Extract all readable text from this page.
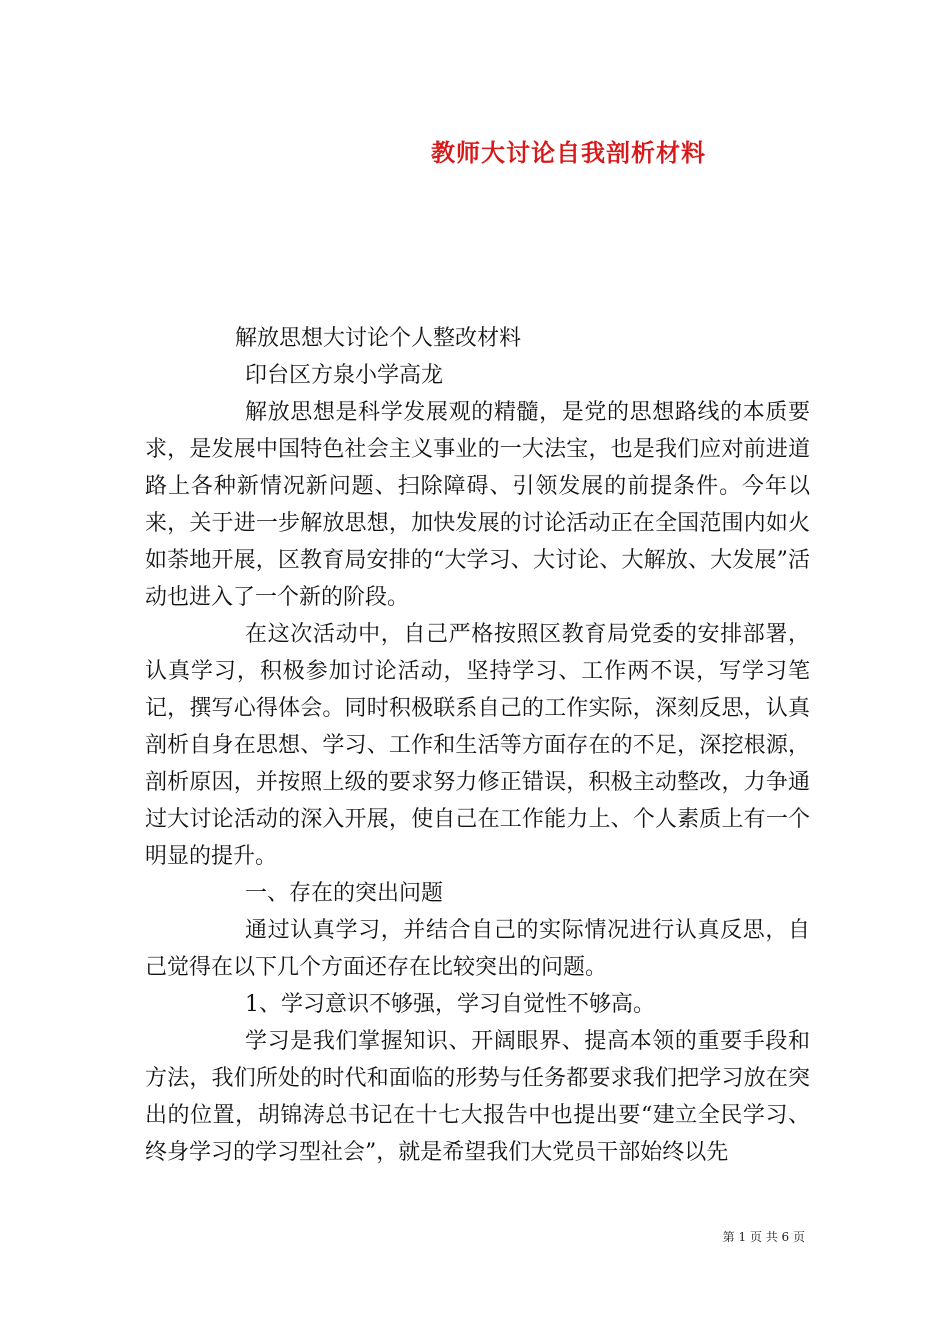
教师大讨论自我剖析材料

解放思想大讨论个人整改材料

印台区方泉小学高龙

解放思想是科学发展观的精髓，是党的思想路线的本质要求，是发展中国特色社会主义事业的一大法宝，也是我们应对前进道路上各种新情况新问题、扫除障碍、引领发展的前提条件。今年以来，关于进一步解放思想，加快发展的讨论活动正在全国范围内如火如荼地开展，区教育局安排的“大学习、大讨论、大解放、大发展”活动也进入了一个新的阶段。

在这次活动中，自己严格按照区教育局党委的安排部署，认真学习，积极参加讨论活动，坚持学习、工作两不误，写学习笔记，撰写心得体会。同时积极联系自己的工作实际，深刻反思，认真剖析自身在思想、学习、工作和生活等方面存在的不足，深挖根源，剖析原因，并按照上级的要求努力修正错误，积极主动整改，力争通过大讨论活动的深入开展，使自己在工作能力上、个人素质上有一个明显的提升。

一、存在的突出问题

通过认真学习，并结合自己的实际情况进行认真反思，自己觉得在以下几个方面还存在比较突出的问题。

1、学习意识不够强，学习自觉性不够高。

学习是我们掌握知识、开阔眼界、提高本领的重要手段和方法，我们所处的时代和面临的形势与任务都要求我们把学习放在突出的位置，胡锦涛总书记在十七大报告中也提出要“建立全民学习、终身学习的学习型社会”，就是希望我们大党员干部始终以先

第 1 页 共 6 页
